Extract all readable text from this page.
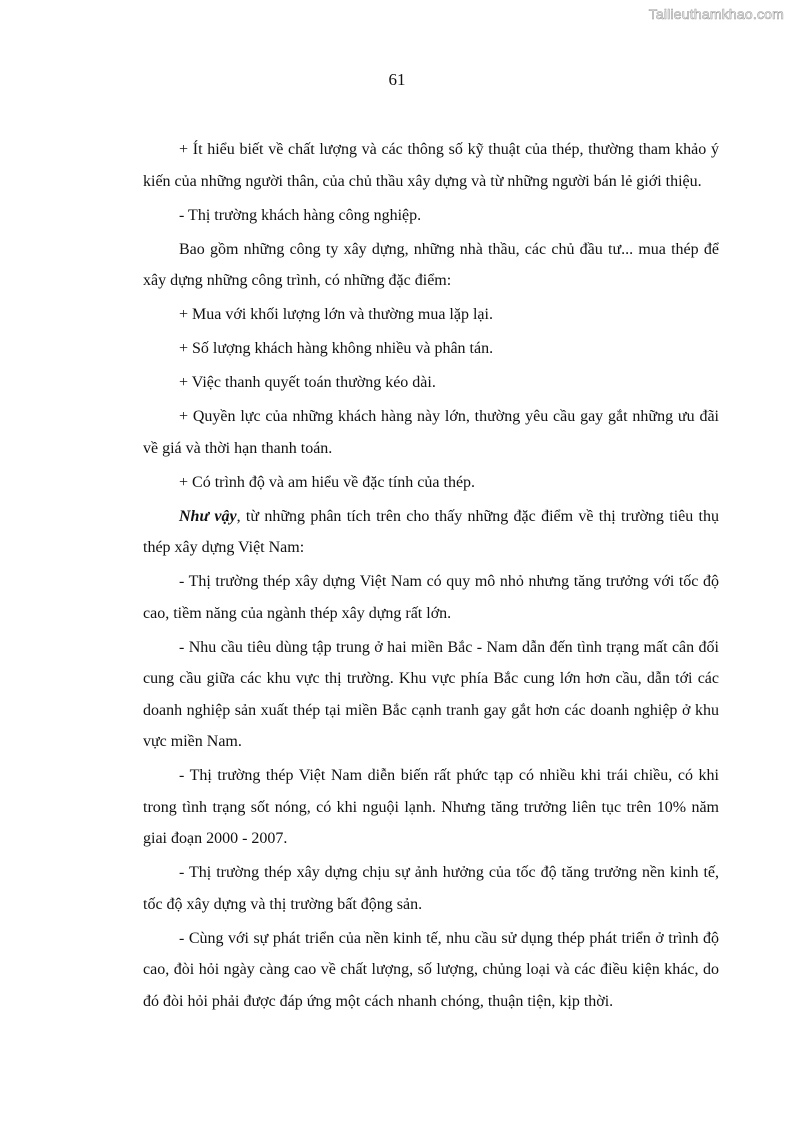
Tailieuthamkhao.com
61

+ Ít hiểu biết về chất lượng và các thông số kỹ thuật của thép, thường tham khảo ý kiến của những người thân, của chủ thầu xây dựng và từ những người bán lẻ giới thiệu.

- Thị trường khách hàng công nghiệp.

Bao gồm những công ty xây dựng, những nhà thầu, các chủ đầu tư... mua thép để xây dựng những công trình, có những đặc điểm:

+ Mua với khối lượng lớn và thường mua lặp lại.

+ Số lượng khách hàng không nhiều và phân tán.

+ Việc thanh quyết toán thường kéo dài.

+ Quyền lực của những khách hàng này lớn, thường yêu cầu gay gắt những ưu đãi về giá và thời hạn thanh toán.

+ Có trình độ và am hiểu về đặc tính của thép.

Như vậy, từ những phân tích trên cho thấy những đặc điểm về thị trường tiêu thụ thép xây dựng Việt Nam:

- Thị trường thép xây dựng Việt Nam có quy mô nhỏ nhưng tăng trưởng với tốc độ cao, tiềm năng của ngành thép xây dựng rất lớn.

- Nhu cầu tiêu dùng tập trung ở hai miền Bắc - Nam dẫn đến tình trạng mất cân đối cung cầu giữa các khu vực thị trường. Khu vực phía Bắc cung lớn hơn cầu, dẫn tới các doanh nghiệp sản xuất thép tại miền Bắc cạnh tranh gay gắt hơn các doanh nghiệp ở khu vực miền Nam.

- Thị trường thép Việt Nam diễn biến rất phức tạp có nhiều khi trái chiều, có khi trong tình trạng sốt nóng, có khi nguội lạnh. Nhưng tăng trưởng liên tục trên 10% năm giai đoạn 2000 - 2007.

- Thị trường thép xây dựng chịu sự ảnh hưởng của tốc độ tăng trưởng nền kinh tế, tốc độ xây dựng và thị trường bất động sản.

- Cùng với sự phát triển của nền kinh tế, nhu cầu sử dụng thép phát triển ở trình độ cao, đòi hỏi ngày càng cao về chất lượng, số lượng, chủng loại và các điều kiện khác, do đó đòi hỏi phải được đáp ứng một cách nhanh chóng, thuận tiện, kịp thời.
